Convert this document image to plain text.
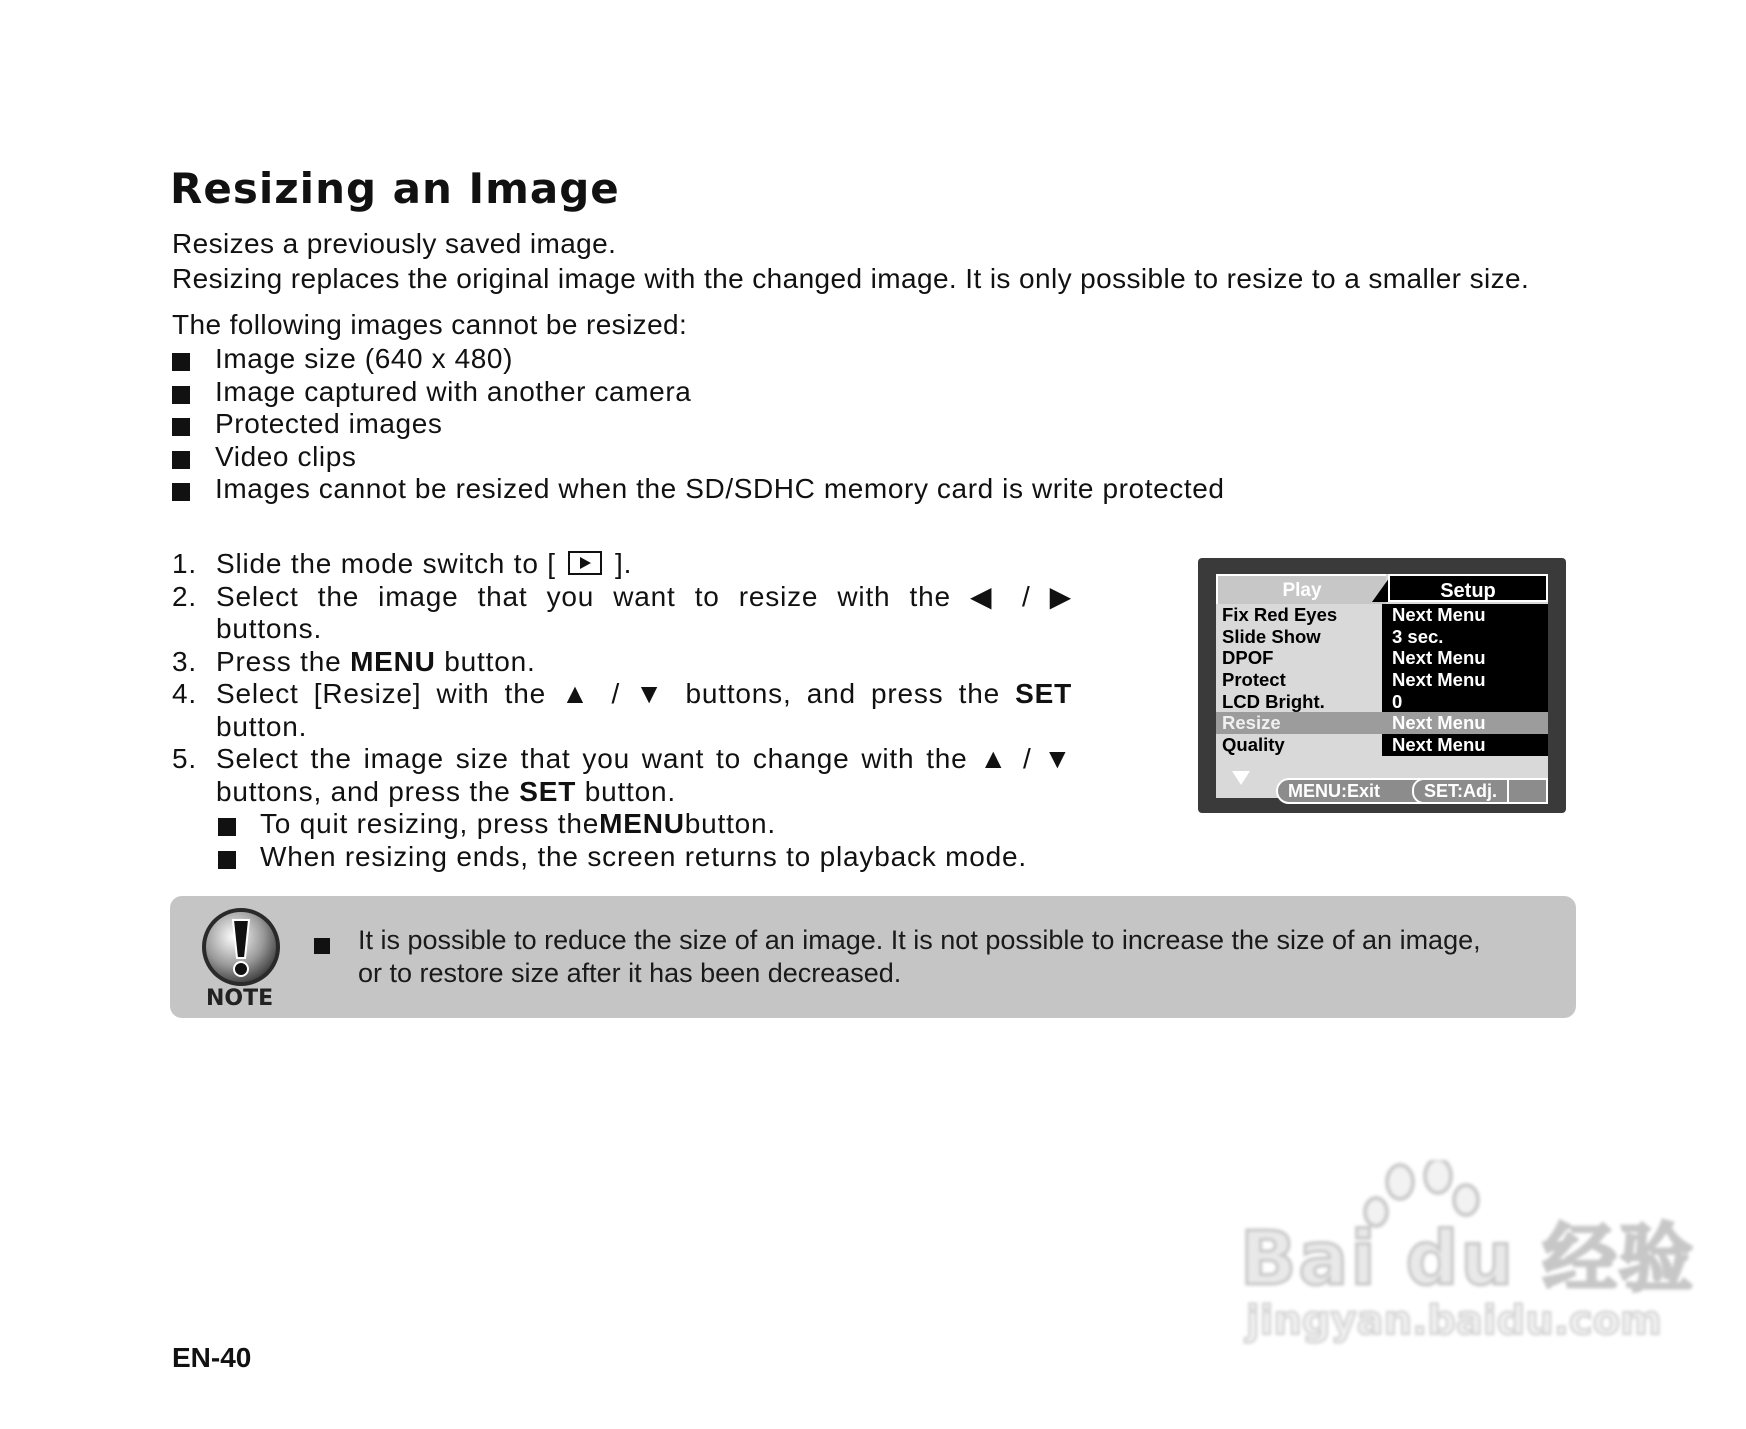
Resizing an Image
Resizes a previously saved image.
Resizing replaces the original image with the changed image. It is only possible to resize to a smaller size.
The following images cannot be resized:
Image size (640 x 480)
Image captured with another camera
Protected images
Video clips
Images cannot be resized when the SD/SDHC memory card is write protected
1. Slide the mode switch to [ ].
2. Select the image that you want to resize with the ◀ / ▶
buttons.
3. Press the MENU button.
4. Select [Resize] with the ▲ / ▼ buttons, and press the SET
button.
5. Select the image size that you want to change with the ▲ / ▼
buttons, and press the SET button.
To quit resizing, press the MENU button.
When resizing ends, the screen returns to playback mode.
Play	Setup
Fix Red Eyes	Next Menu
Slide Show	3 sec.
DPOF	Next Menu
Protect	Next Menu
LCD Bright.	0
Resize	Next Menu
Quality	Next Menu
MENU:Exit	SET:Adj.
NOTE

It is possible to reduce the size of an image. It is not possible to increase the size of an image,

or to restore size after it has been decreased.

EN-40
Bai du 经验
jingyan.baidu.com
